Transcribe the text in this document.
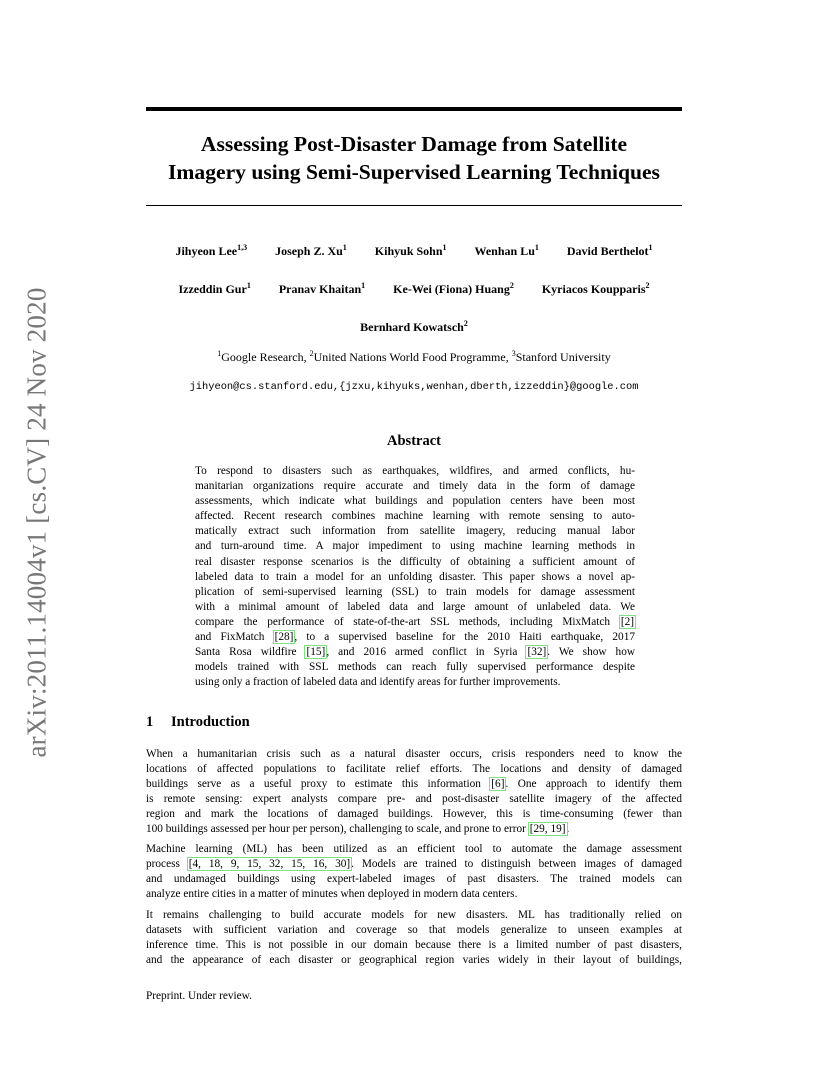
arXiv:2011.14004v1 [cs.CV] 24 Nov 2020
Assessing Post-Disaster Damage from Satellite
Imagery using Semi-Supervised Learning Techniques
Jihyeon Lee$^{1,3}$ Joseph Z. Xu$^1$ Kihyuk Sohn$^1$ Wenhan Lu$^1$ David Berthelot$^1$
Izzeddin Gur$^1$ Pranav Khaitan$^1$ Ke-Wei (Fiona) Huang$^2$ Kyriacos Koupparis$^2$
Bernhard Kowatsch$^2$
$^1$Google Research, $^2$United Nations World Food Programme, $^3$Stanford University
jihyeon@cs.stanford.edu,{jzxu,kihyuks,wenhan,dberth,izzeddin}@google.com
Abstract
To respond to disasters such as earthquakes, wildfires, and armed conflicts, hu-
manitarian organizations require accurate and timely data in the form of damage
assessments, which indicate what buildings and population centers have been most
affected. Recent research combines machine learning with remote sensing to auto-
matically extract such information from satellite imagery, reducing manual labor
and turn-around time. A major impediment to using machine learning methods in
real disaster response scenarios is the difficulty of obtaining a sufficient amount of
labeled data to train a model for an unfolding disaster. This paper shows a novel ap-
plication of semi-supervised learning (SSL) to train models for damage assessment
with a minimal amount of labeled data and large amount of unlabeled data. We
compare the performance of state-of-the-art SSL methods, including MixMatch [2]
and FixMatch [28], to a supervised baseline for the 2010 Haiti earthquake, 2017
Santa Rosa wildfire [15], and 2016 armed conflict in Syria [32]. We show how
models trained with SSL methods can reach fully supervised performance despite
using only a fraction of labeled data and identify areas for further improvements.
1 Introduction
When a humanitarian crisis such as a natural disaster occurs, crisis responders need to know the
locations of affected populations to facilitate relief efforts. The locations and density of damaged
buildings serve as a useful proxy to estimate this information [6]. One approach to identify them
is remote sensing: expert analysts compare pre- and post-disaster satellite imagery of the affected
region and mark the locations of damaged buildings. However, this is time-consuming (fewer than
100 buildings assessed per hour per person), challenging to scale, and prone to error [29, 19].
Machine learning (ML) has been utilized as an efficient tool to automate the damage assessment
process [4, 18, 9, 15, 32, 15, 16, 30]. Models are trained to distinguish between images of damaged
and undamaged buildings using expert-labeled images of past disasters. The trained models can
analyze entire cities in a matter of minutes when deployed in modern data centers.
It remains challenging to build accurate models for new disasters. ML has traditionally relied on
datasets with sufficient variation and coverage so that models generalize to unseen examples at
inference time. This is not possible in our domain because there is a limited number of past disasters,
and the appearance of each disaster or geographical region varies widely in their layout of buildings,
Preprint. Under review.
